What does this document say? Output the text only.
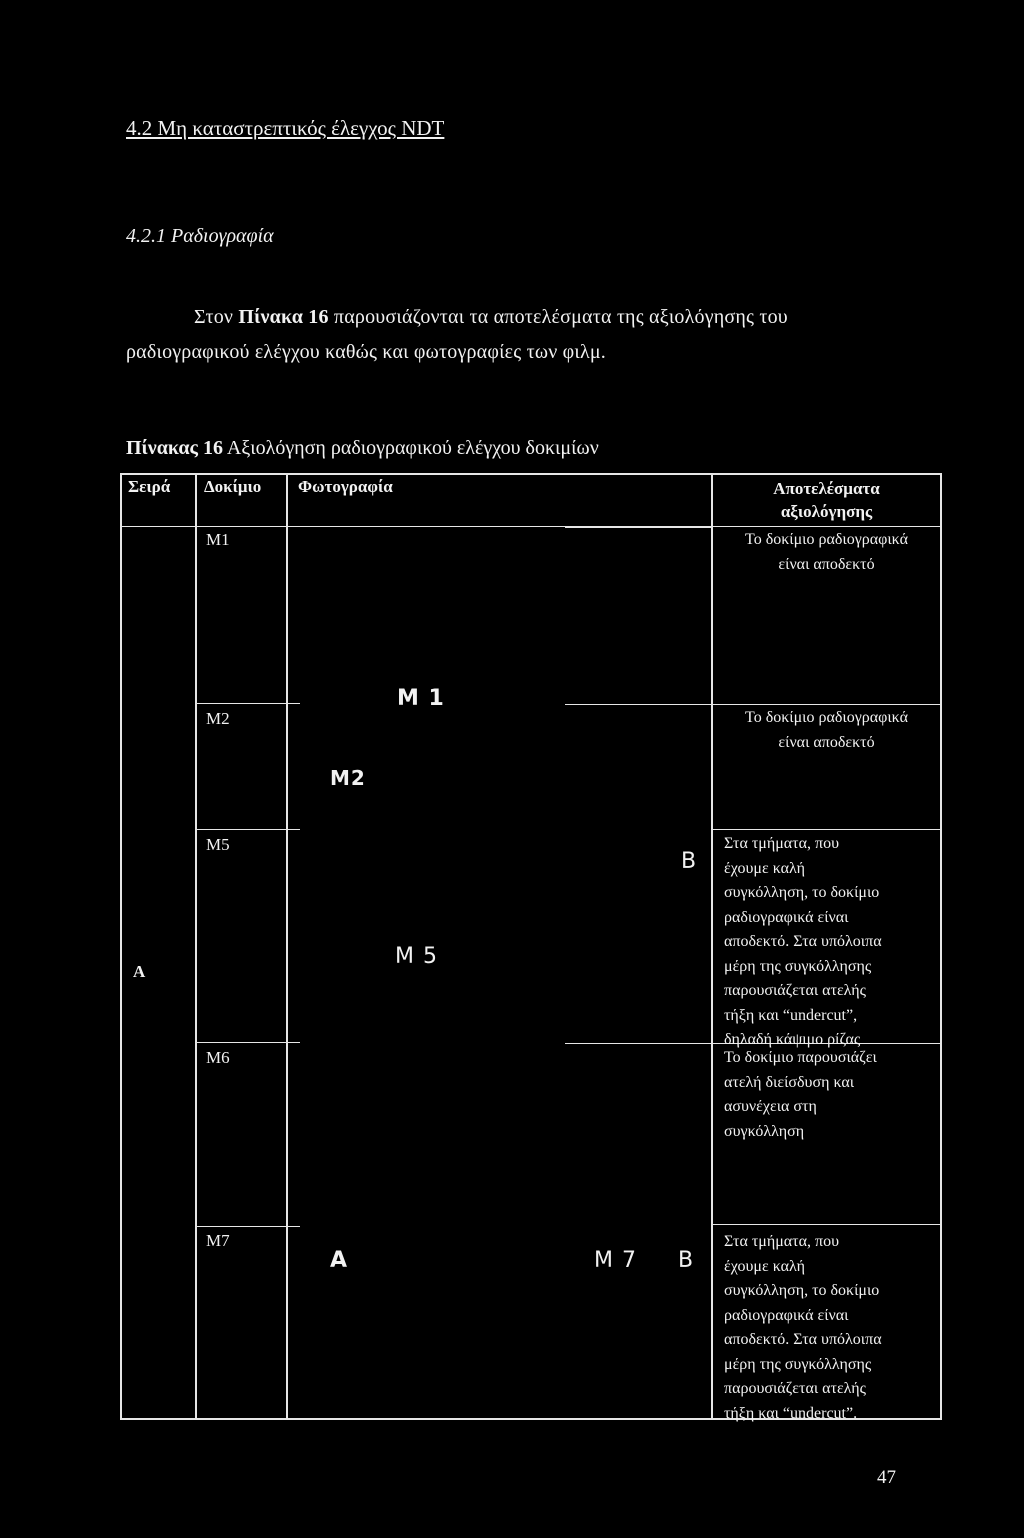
4.2 Μη καταστρεπτικός έλεγχος NDT
4.2.1 Ραδιογραφία
Στον Πίνακα 16 παρουσιάζονται τα αποτελέσματα της αξιολόγησης του
ραδιογραφικού ελέγχου καθώς και φωτογραφίες των φιλμ.
Πίνακας 16 Αξιολόγηση ραδιογραφικού ελέγχου δοκιμίων
Σειρά Δοκίμιο Φωτογραφία	Αποτελέσματα
αξιολόγησης
Α
Μ1
Μ2
Μ5
Μ6
Μ7
Το δοκίμιο ραδιογραφικά
είναι αποδεκτό
Το δοκίμιο ραδιογραφικά
είναι αποδεκτό
Στα τμήματα, που
έχουμε καλή
συγκόλληση, το δοκίμιο
ραδιογραφικά είναι
αποδεκτό. Στα υπόλοιπα
μέρη της συγκόλλησης
παρουσιάζεται ατελής
τήξη και “undercut”,
δηλαδή κάψιμο ρίζας
Το δοκίμιο παρουσιάζει
ατελή διείσδυση και
ασυνέχεια στη
συγκόλληση
Στα τμήματα, που
έχουμε καλή
συγκόλληση, το δοκίμιο
ραδιογραφικά είναι
αποδεκτό. Στα υπόλοιπα
μέρη της συγκόλλησης
παρουσιάζεται ατελής
τήξη και “undercut”.
Μ 1
Μ2
Μ 5
Β
Α	Μ 7 Β
47
